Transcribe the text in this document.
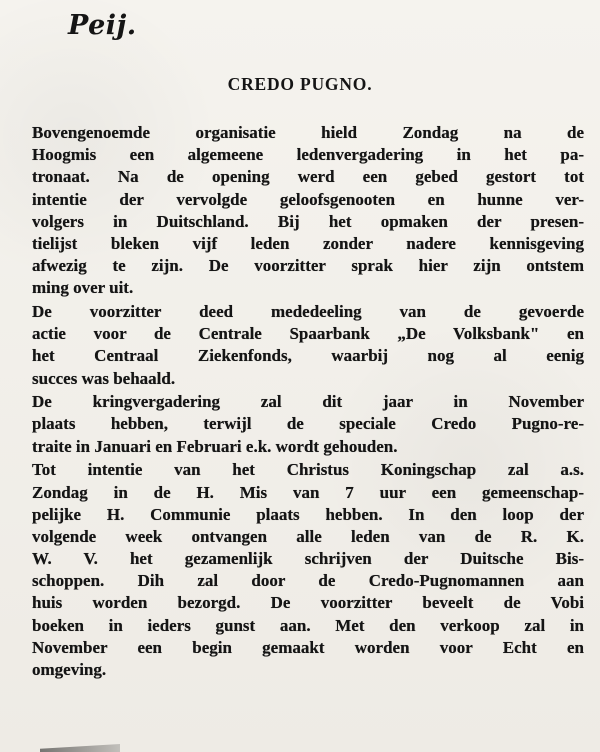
Peij.
CREDO PUGNO.
Bovengenoemde organisatie hield Zondag na de
Hoogmis een algemeene ledenvergadering in het pa-
tronaat. Na de opening werd een gebed gestort tot
intentie der vervolgde geloofsgenooten en hunne ver-
volgers in Duitschland. Bij het opmaken der presen-
tielijst bleken vijf leden zonder nadere kennisgeving
afwezig te zijn. De voorzitter sprak hier zijn ontstem
ming over uit.
De voorzitter deed mededeeling van de gevoerde
actie voor de Centrale Spaarbank „De Volksbank" en
het Centraal Ziekenfonds, waarbij nog al eenig
succes was behaald.
De kringvergadering zal dit jaar in November
plaats hebben, terwijl de speciale Credo Pugno-re-
traite in Januari en Februari e.k. wordt gehouden.
Tot intentie van het Christus Koningschap zal a.s.
Zondag in de H. Mis van 7 uur een gemeenschap-
pelijke H. Communie plaats hebben. In den loop der
volgende week ontvangen alle leden van de R. K.
W. V. het gezamenlijk schrijven der Duitsche Bis-
schoppen. Dih zal door de Credo-Pugnomannen aan
huis worden bezorgd. De voorzitter beveelt de Vobi
boeken in ieders gunst aan. Met den verkoop zal in
November een begin gemaakt worden voor Echt en
omgeving.
